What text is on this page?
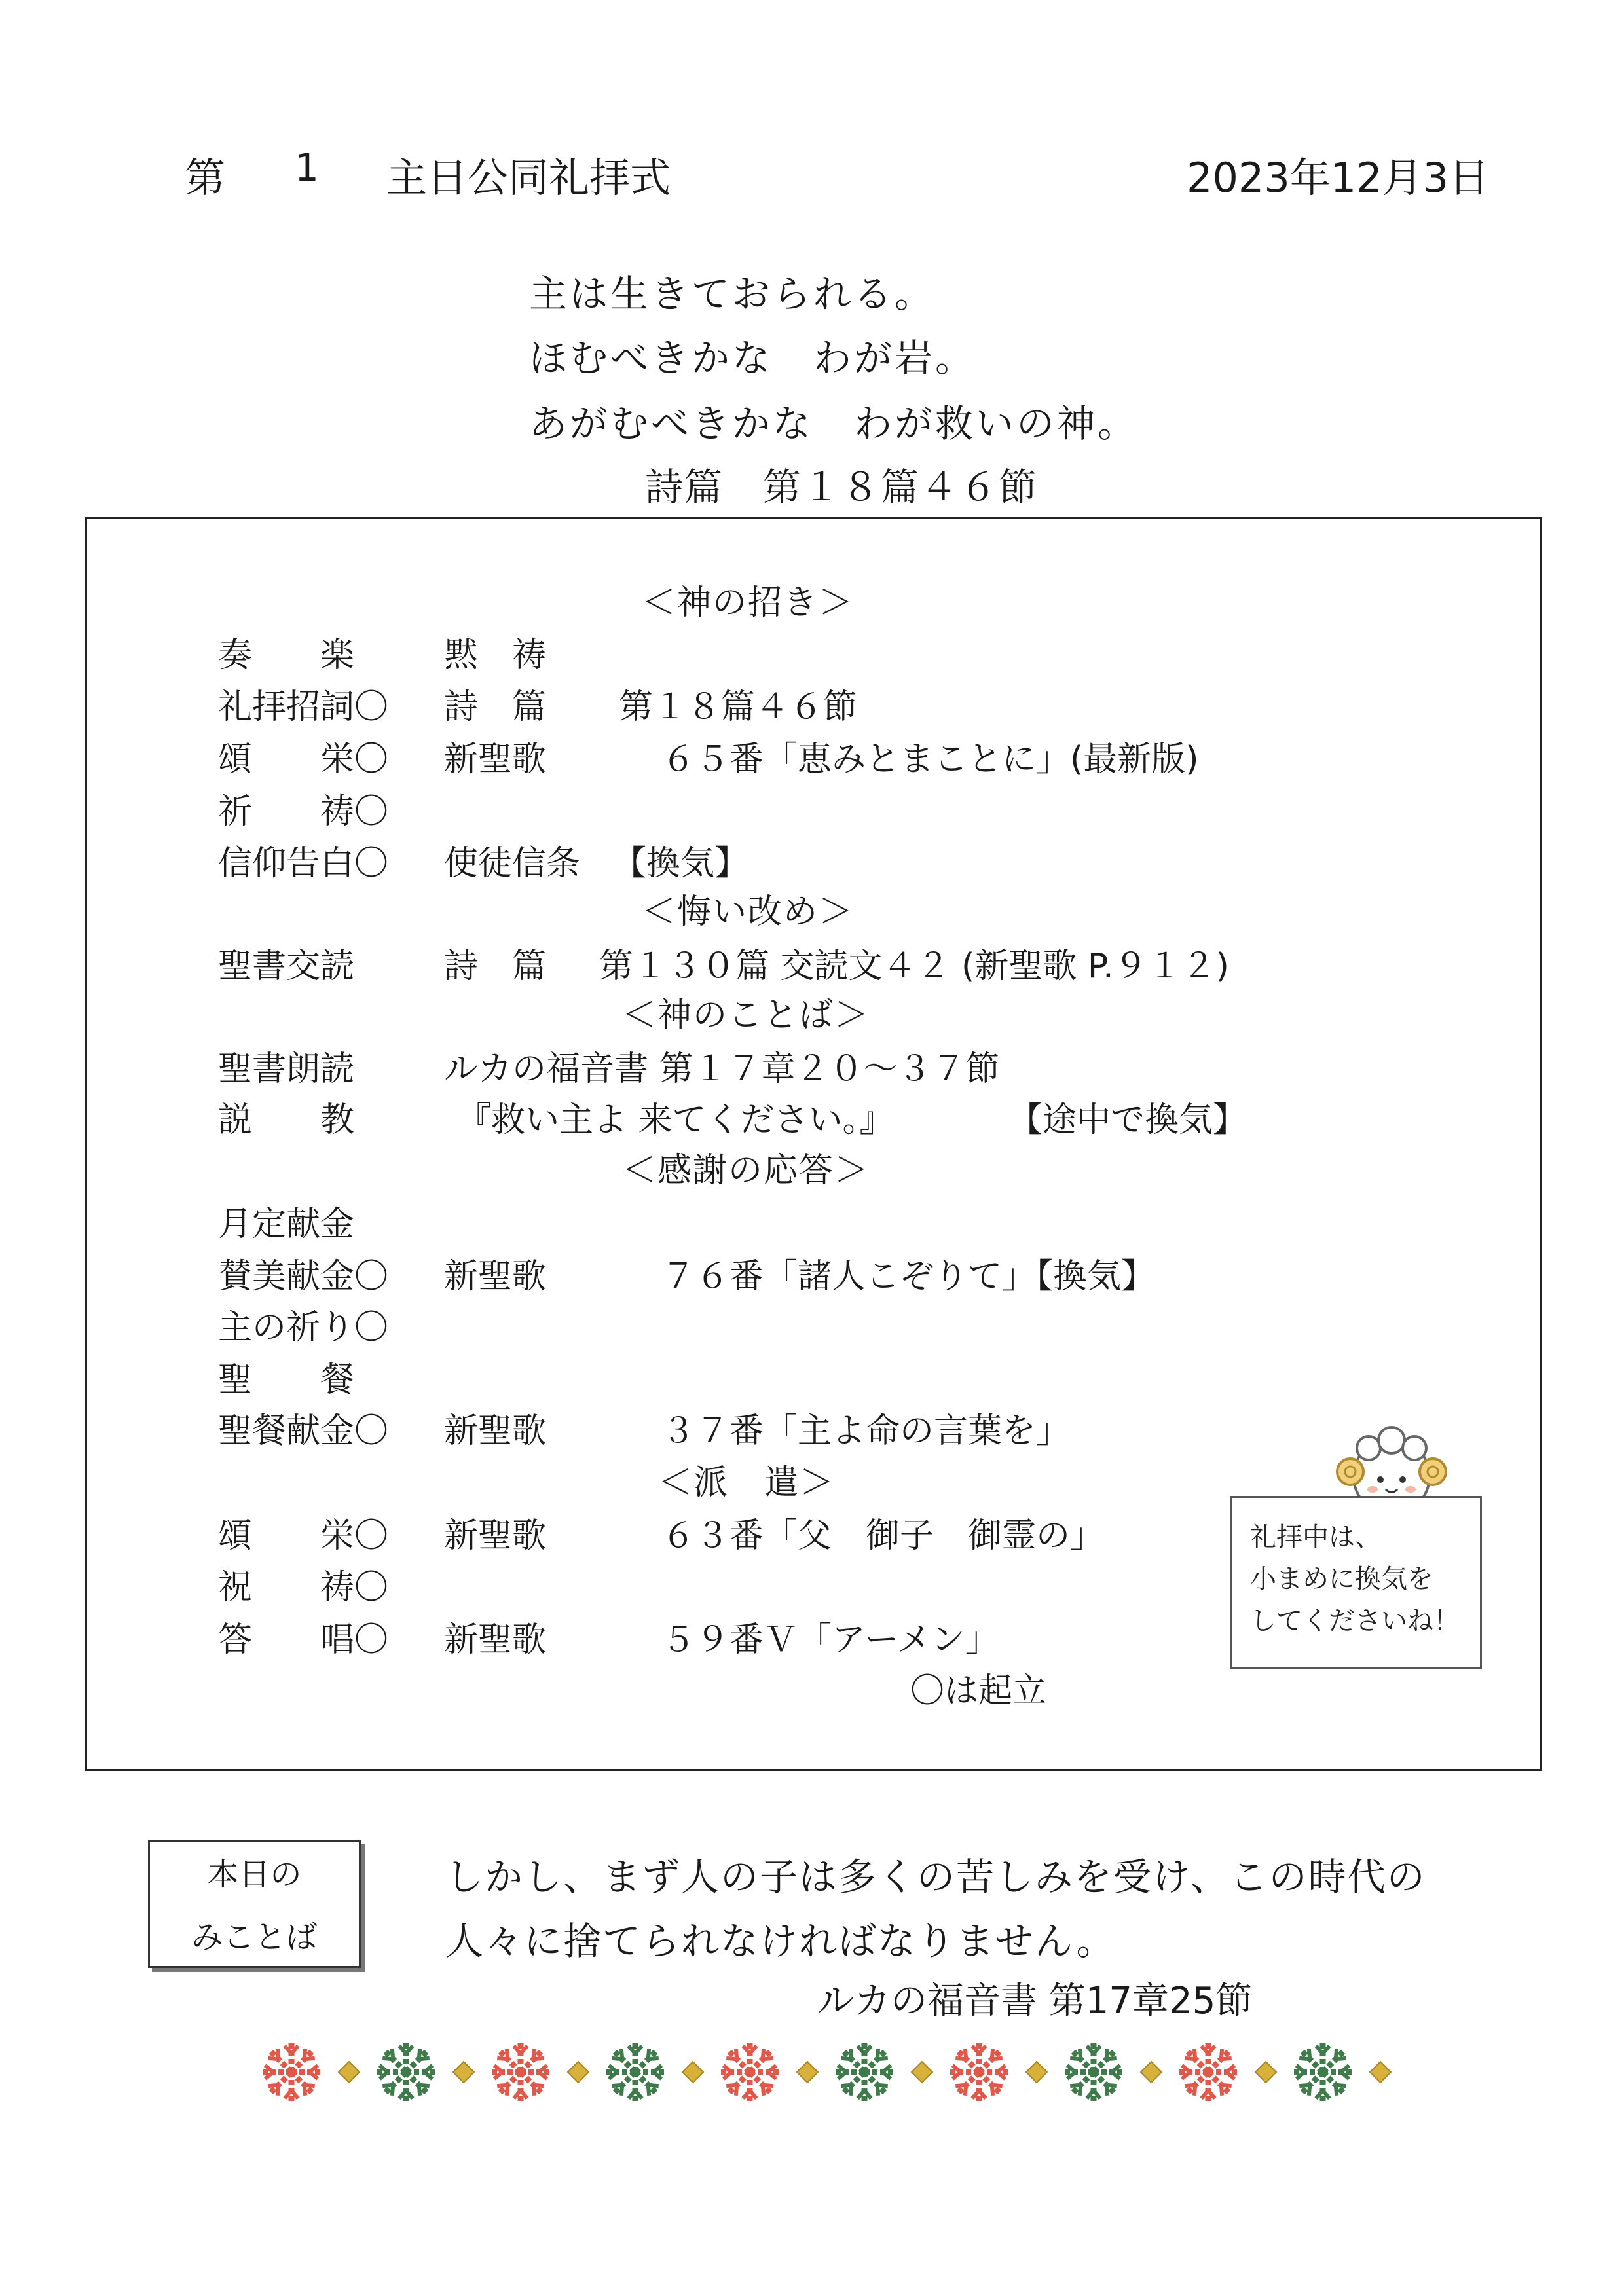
第 1 主日公同礼拝式	2023年12月3日
主は生きておられる。
ほむべきかな　わが岩。
あがむべきかな　わが救いの神。
詩篇　第１８篇４６節
＜神の招き＞
奏　　楽	黙　祷
礼拝招詞〇 詩　篇 第１８篇４６節
頌　　栄〇 新聖歌	６５番「恵みとまことに」(最新版)
祈　　祷〇
信仰告白〇 使徒信条 【換気】
＜悔い改め＞
聖書交読	詩　篇 第１３０篇 交読文４２ (新聖歌 P.９１２)
＜神のことば＞
聖書朗読	ルカの福音書 第１７章２０～３７節
説　　教	『救い主よ 来てください。』	【途中で換気】
＜感謝の応答＞
月定献金
賛美献金〇 新聖歌	７６番「諸人こぞりて」【換気】
主の祈り〇
聖　　餐
聖餐献金〇 新聖歌	３７番「主よ命の言葉を」
＜派　遣＞
頌　　栄〇 新聖歌	６３番「父　御子　御霊の」
祝　　祷〇
答　　唱〇 新聖歌	５９番Ｖ「アーメン」
〇は起立
礼拝中は、
小まめに換気を
してくださいね！
本日の
みことば
しかし、まず人の子は多くの苦しみを受け、この時代の
人々に捨てられなければなりません。
ルカの福音書 第17章25節
